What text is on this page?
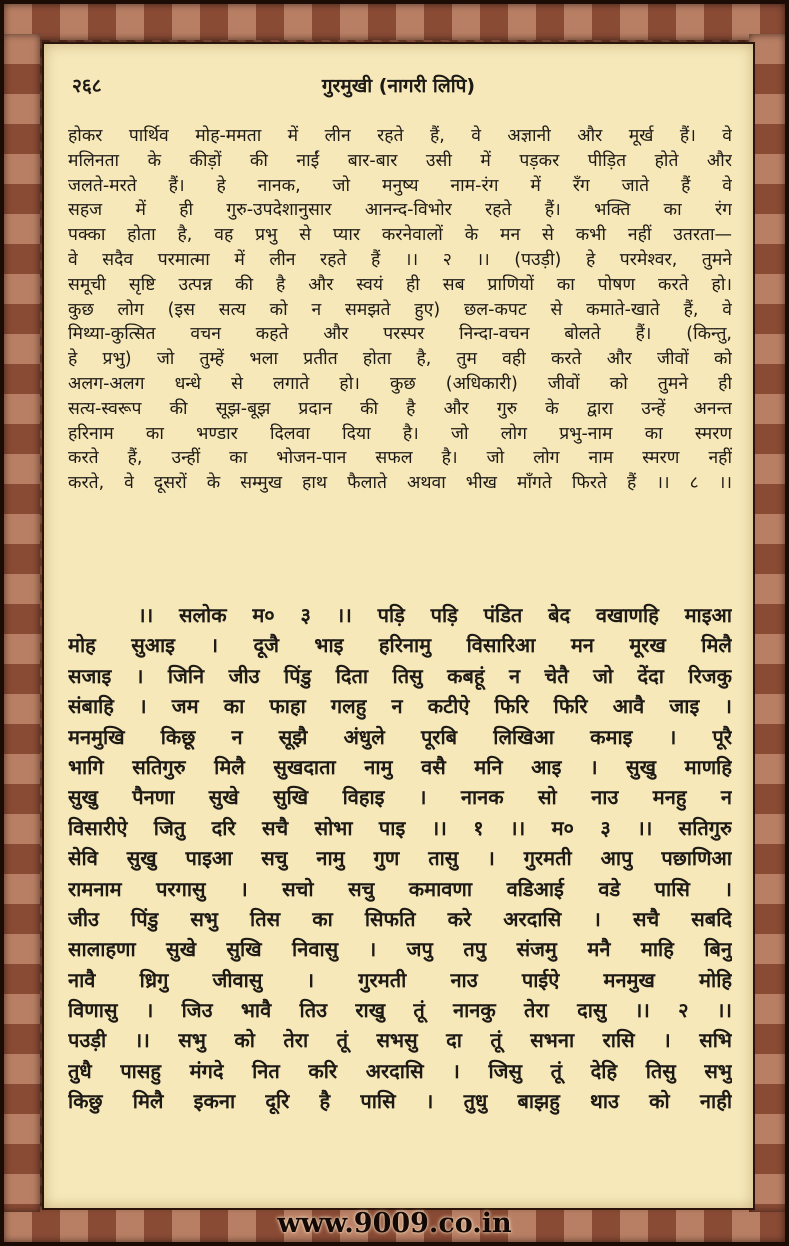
२६८	गुरमुखी (नागरी लिपि)
होकर पार्थिव मोह-ममता में लीन रहते हैं, वे अज्ञानी और मूर्ख हैं। वे
मलिनता के कीड़ों की नाईं बार-बार उसी में पड़कर पीड़ित होते और
जलते-मरते हैं। हे नानक, जो मनुष्य नाम-रंग में रँग जाते हैं वे
सहज में ही गुरु-उपदेशानुसार आनन्द-विभोर रहते हैं। भक्ति का रंग
पक्का होता है, वह प्रभु से प्यार करनेवालों के मन से कभी नहीं उतरता—
वे सदैव परमात्मा में लीन रहते हैं ।। २ ।। (पउड़ी) हे परमेश्वर, तुमने
समूची सृष्टि उत्पन्न की है और स्वयं ही सब प्राणियों का पोषण करते हो।
कुछ लोग (इस सत्य को न समझते हुए) छल-कपट से कमाते-खाते हैं, वे
मिथ्या-कुत्सित वचन कहते और परस्पर निन्दा-वचन बोलते हैं। (किन्तु,
हे प्रभु) जो तुम्हें भला प्रतीत होता है, तुम वही करते और जीवों को
अलग-अलग धन्धे से लगाते हो। कुछ (अधिकारी) जीवों को तुमने ही
सत्य-स्वरूप की सूझ-बूझ प्रदान की है और गुरु के द्वारा उन्हें अनन्त
हरिनाम का भण्डार दिलवा दिया है। जो लोग प्रभु-नाम का स्मरण
करते हैं, उन्हीं का भोजन-पान सफल है। जो लोग नाम स्मरण नहीं
करते, वे दूसरों के सम्मुख हाथ फैलाते अथवा भीख माँगते फिरते हैं ।। ८ ।।
।। सलोक म० ३ ।। पड़ि पड़ि पंडित बेद वखाणहि माइआ
मोह सुआइ । दूजै भाइ हरिनामु विसारिआ मन मूरख मिलै
सजाइ । जिनि जीउ पिंडु दिता तिसु कबहूं न चेतै जो देंदा रिजकु
संबाहि । जम का फाहा गलहु न कटीऐ फिरि फिरि आवै जाइ ।
मनमुखि किछू न सूझै अंधुले पूरबि लिखिआ कमाइ । पूरै
भागि सतिगुरु मिलै सुखदाता नामु वसै मनि आइ । सुखु माणहि
सुखु पैनणा सुखे सुखि विहाइ । नानक सो नाउ मनहु न
विसारीऐ जितु दरि सचै सोभा पाइ ।। १ ।। म० ३ ।। सतिगुरु
सेवि सुखु पाइआ सचु नामु गुण तासु । गुरमती आपु पछाणिआ
रामनाम परगासु । सचो सचु कमावणा वडिआई वडे पासि ।
जीउ पिंडु सभु तिस का सिफति करे अरदासि । सचै सबदि
सालाहणा सुखे सुखि निवासु । जपु तपु संजमु मनै माहि बिनु
नावै ध्रिगु जीवासु । गुरमती नाउ पाईऐ मनमुख मोहि
विणासु । जिउ भावै तिउ राखु तूं नानकु तेरा दासु ।। २ ।।
पउड़ी ।। सभु को तेरा तूं सभसु दा तूं सभना रासि । सभि
तुधै पासहु मंगदे नित करि अरदासि । जिसु तूं देहि तिसु सभु
किछु मिलै इकना दूरि है पासि । तुधु बाझहु थाउ को नाही
www.9009.co.in
